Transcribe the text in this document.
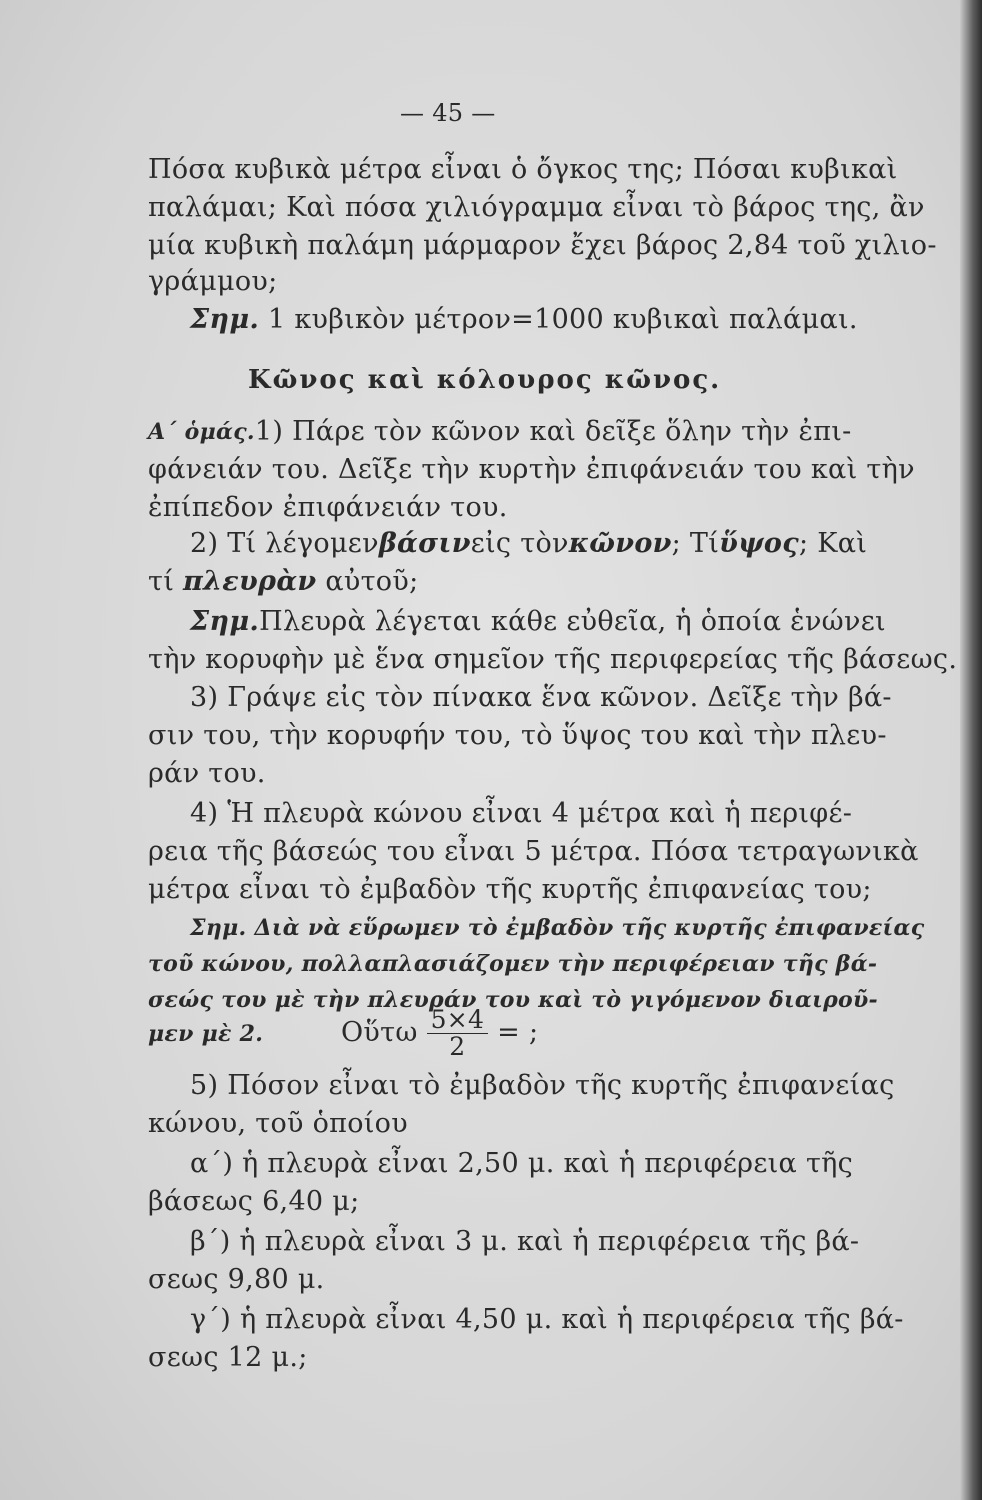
— 45 —
Πόσα κυβικὰ μέτρα εἶναι ὁ ὄγκος της; Πόσαι κυβικαὶ
παλάμαι; Καὶ πόσα χιλιόγραμμα εἶναι τὸ βάρος της, ἂν
μία κυβικὴ παλάμη μάρμαρον ἔχει βάρος 2,84 τοῦ χιλιο-
γράμμου;
Σημ. 1 κυβικὸν μέτρον=1000 κυβικαὶ παλάμαι.
Κῶνος καὶ κόλουρος κῶνος.
Α΄ ὁμάς. 1) Πάρε τὸν κῶνον καὶ δεῖξε ὅλην τὴν ἐπι-
φάνειάν του. Δεῖξε τὴν κυρτὴν ἐπιφάνειάν του καὶ τὴν
ἐπίπεδον ἐπιφάνειάν του.
2) Τί λέγομεν βάσιν εἰς τὸν κῶνον ; Τί ὕψος ; Καὶ
τί πλευρὰν αὐτοῦ;
Σημ. Πλευρὰ λέγεται κάθε εὐθεῖα, ἡ ὁποία ἑνώνει
τὴν κορυφὴν μὲ ἕνα σημεῖον τῆς περιφερείας τῆς βάσεως.
3) Γράψε εἰς τὸν πίνακα ἕνα κῶνον. Δεῖξε τὴν βά-
σιν του, τὴν κορυφήν του, τὸ ὕψος του καὶ τὴν πλευ-
ράν του.
4) Ἡ πλευρὰ κώνου εἶναι 4 μέτρα καὶ ἡ περιφέ-
ρεια τῆς βάσεώς του εἶναι 5 μέτρα. Πόσα τετραγωνικὰ
μέτρα εἶναι τὸ ἐμβαδὸν τῆς κυρτῆς ἐπιφανείας του;
Σημ. Διὰ νὰ εὕρωμεν τὸ ἐμβαδὸν τῆς κυρτῆς ἐπιφανείας
τοῦ κώνου, πολλαπλασιάζομεν τὴν περιφέρειαν τῆς βά-
σεώς του μὲ τὴν πλευράν του καὶ τὸ γιγόμενον διαιροῦ-
μεν μὲ 2.	Οὕτω $\frac{5\times 4}{2}$ = ;
5) Πόσον εἶναι τὸ ἐμβαδὸν τῆς κυρτῆς ἐπιφανείας
κώνου, τοῦ ὁποίου
α΄) ἡ πλευρὰ εἶναι 2,50 μ. καὶ ἡ περιφέρεια τῆς
βάσεως 6,40 μ;
β΄) ἡ πλευρὰ εἶναι 3 μ. καὶ ἡ περιφέρεια τῆς βά-
σεως 9,80 μ.
γ΄) ἡ πλευρὰ εἶναι 4,50 μ. καὶ ἡ περιφέρεια τῆς βά-
σεως 12 μ.;
